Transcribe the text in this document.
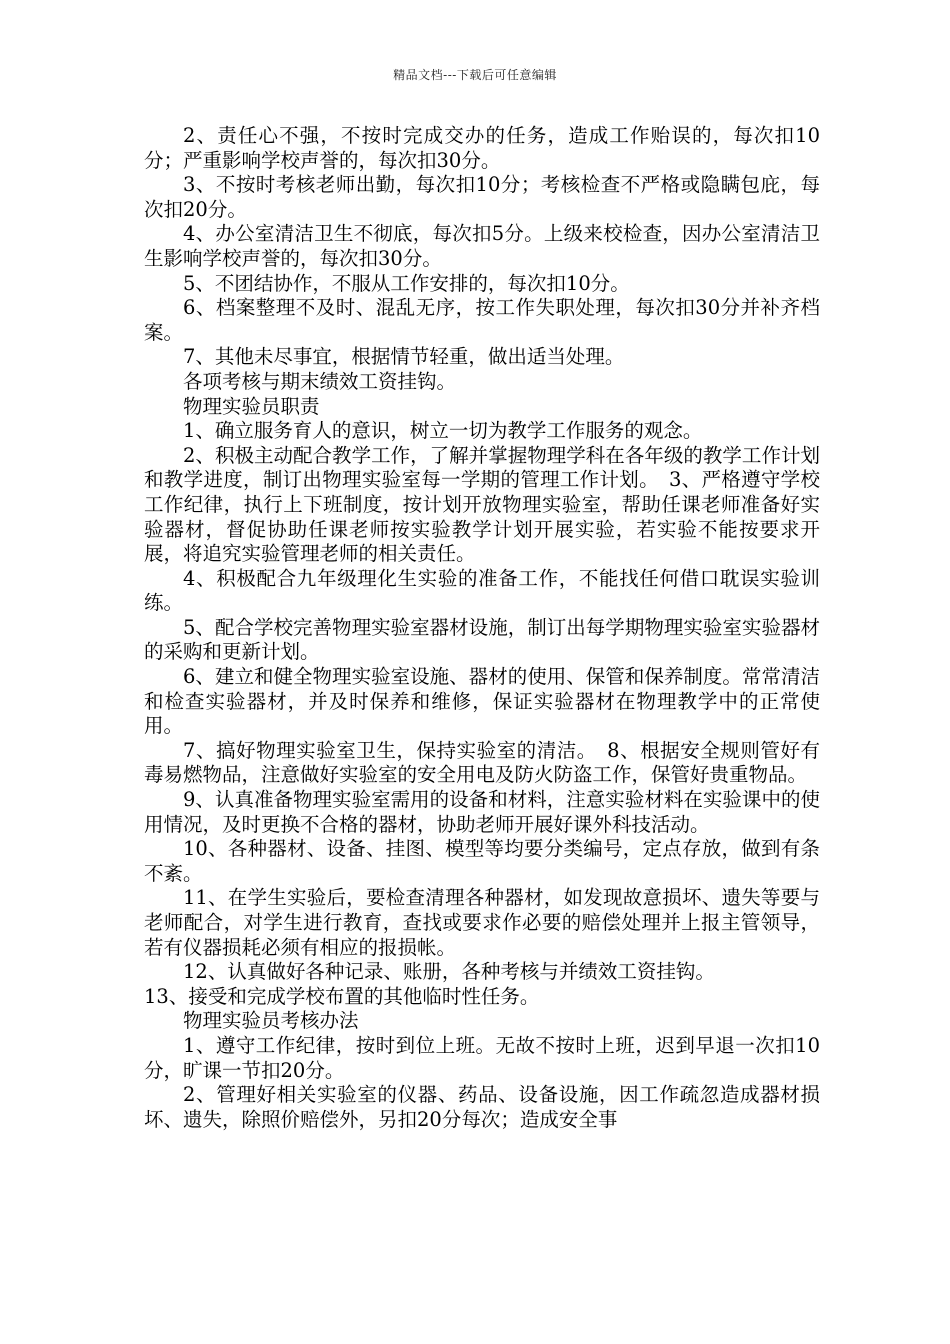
精品文档---下载后可任意编辑

2、责任心不强，不按时完成交办的任务，造成工作贻误的，每次扣10分；严重影响学校声誉的，每次扣30分。

3、不按时考核老师出勤，每次扣10分；考核检查不严格或隐瞒包庇，每次扣20分。

4、办公室清洁卫生不彻底，每次扣5分。上级来校检查，因办公室清洁卫生影响学校声誉的，每次扣30分。

5、不团结协作，不服从工作安排的，每次扣10分。

6、档案整理不及时、混乱无序，按工作失职处理，每次扣30分并补齐档案。

7、其他未尽事宜，根据情节轻重，做出适当处理。

各项考核与期末绩效工资挂钩。

物理实验员职责

1、确立服务育人的意识，树立一切为教学工作服务的观念。

2、积极主动配合教学工作，了解并掌握物理学科在各年级的教学工作计划和教学进度，制订出物理实验室每一学期的管理工作计划。　3、严格遵守学校工作纪律，执行上下班制度，按计划开放物理实验室，帮助任课老师准备好实验器材，督促协助任课老师按实验教学计划开展实验，若实验不能按要求开展，将追究实验管理老师的相关责任。

4、积极配合九年级理化生实验的准备工作，不能找任何借口耽误实验训练。

5、配合学校完善物理实验室器材设施，制订出每学期物理实验室实验器材的采购和更新计划。

6、建立和健全物理实验室设施、器材的使用、保管和保养制度。常常清洁和检查实验器材，并及时保养和维修，保证实验器材在物理教学中的正常使用。

7、搞好物理实验室卫生，保持实验室的清洁。　8、根据安全规则管好有毒易燃物品，注意做好实验室的安全用电及防火防盗工作，保管好贵重物品。

9、认真准备物理实验室需用的设备和材料，注意实验材料在实验课中的使用情况，及时更换不合格的器材，协助老师开展好课外科技活动。

10、各种器材、设备、挂图、模型等均要分类编号，定点存放，做到有条不紊。

11、在学生实验后，要检查清理各种器材，如发现故意损坏、遗失等要与老师配合，对学生进行教育，查找或要求作必要的赔偿处理并上报主管领导，若有仪器损耗必须有相应的报损帐。

12、认真做好各种记录、账册，各种考核与并绩效工资挂钩。

13、接受和完成学校布置的其他临时性任务。

物理实验员考核办法

1、遵守工作纪律，按时到位上班。无故不按时上班，迟到早退一次扣10分，旷课一节扣20分。

2、管理好相关实验室的仪器、药品、设备设施，因工作疏忽造成器材损坏、遗失，除照价赔偿外，另扣20分每次；造成安全事
